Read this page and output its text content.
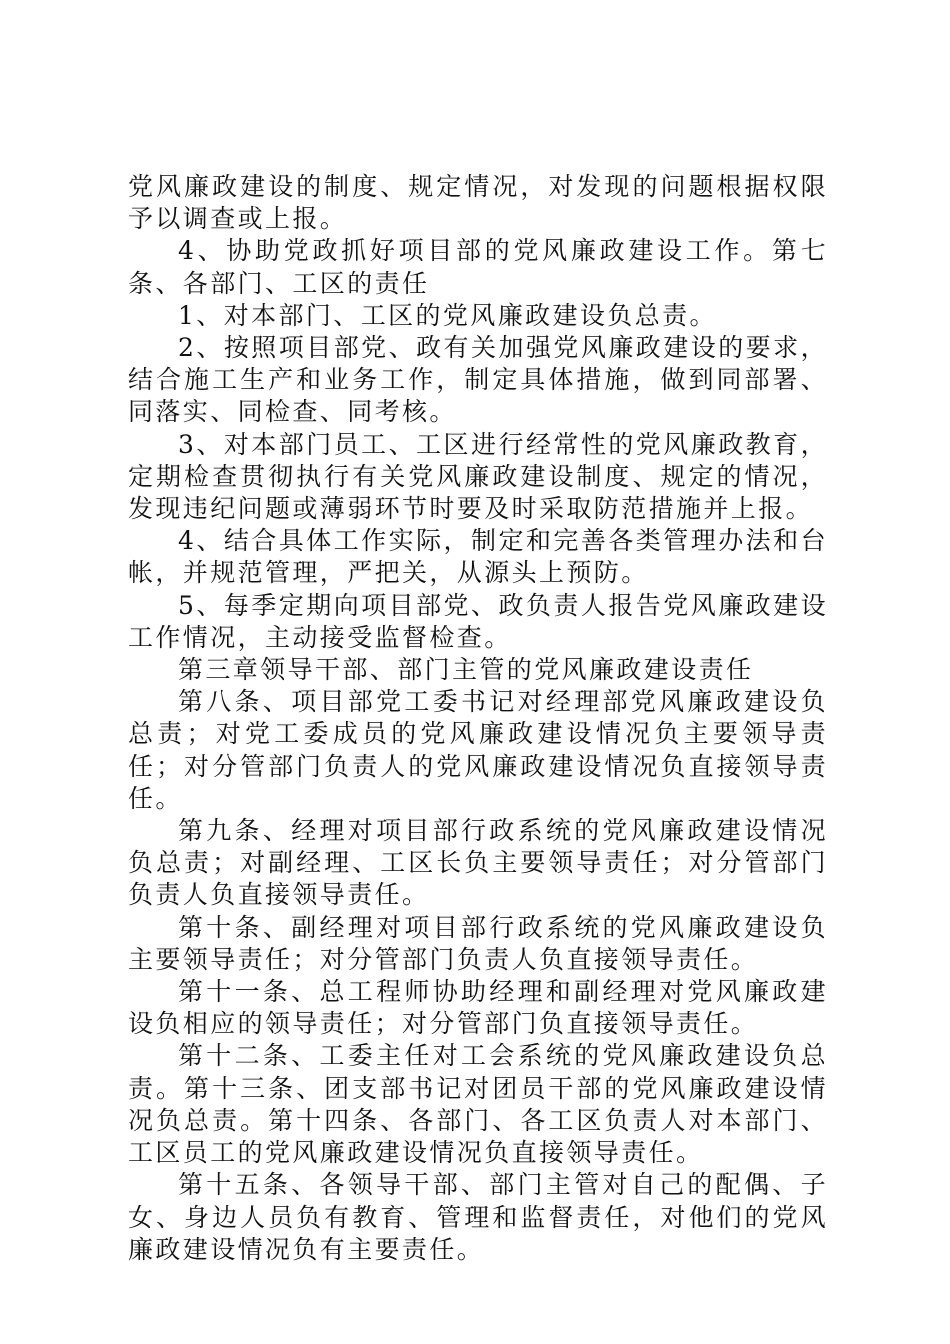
党风廉政建设的制度、规定情况，对发现的问题根据权限予以调查或上报。

4、协助党政抓好项目部的党风廉政建设工作。第七条、各部门、工区的责任

1、对本部门、工区的党风廉政建设负总责。

2、按照项目部党、政有关加强党风廉政建设的要求，结合施工生产和业务工作，制定具体措施，做到同部署、同落实、同检查、同考核。

3、对本部门员工、工区进行经常性的党风廉政教育，定期检查贯彻执行有关党风廉政建设制度、规定的情况，发现违纪问题或薄弱环节时要及时采取防范措施并上报。

4、结合具体工作实际，制定和完善各类管理办法和台帐，并规范管理，严把关，从源头上预防。

5、每季定期向项目部党、政负责人报告党风廉政建设工作情况，主动接受监督检查。

第三章领导干部、部门主管的党风廉政建设责任

第八条、项目部党工委书记对经理部党风廉政建设负总责；对党工委成员的党风廉政建设情况负主要领导责任；对分管部门负责人的党风廉政建设情况负直接领导责任。

第九条、经理对项目部行政系统的党风廉政建设情况负总责；对副经理、工区长负主要领导责任；对分管部门负责人负直接领导责任。

第十条、副经理对项目部行政系统的党风廉政建设负主要领导责任；对分管部门负责人负直接领导责任。

第十一条、总工程师协助经理和副经理对党风廉政建设负相应的领导责任；对分管部门负直接领导责任。

第十二条、工委主任对工会系统的党风廉政建设负总责。第十三条、团支部书记对团员干部的党风廉政建设情况负总责。第十四条、各部门、各工区负责人对本部门、工区员工的党风廉政建设情况负直接领导责任。

第十五条、各领导干部、部门主管对自己的配偶、子女、身边人员负有教育、管理和监督责任，对他们的党风廉政建设情况负有主要责任。
